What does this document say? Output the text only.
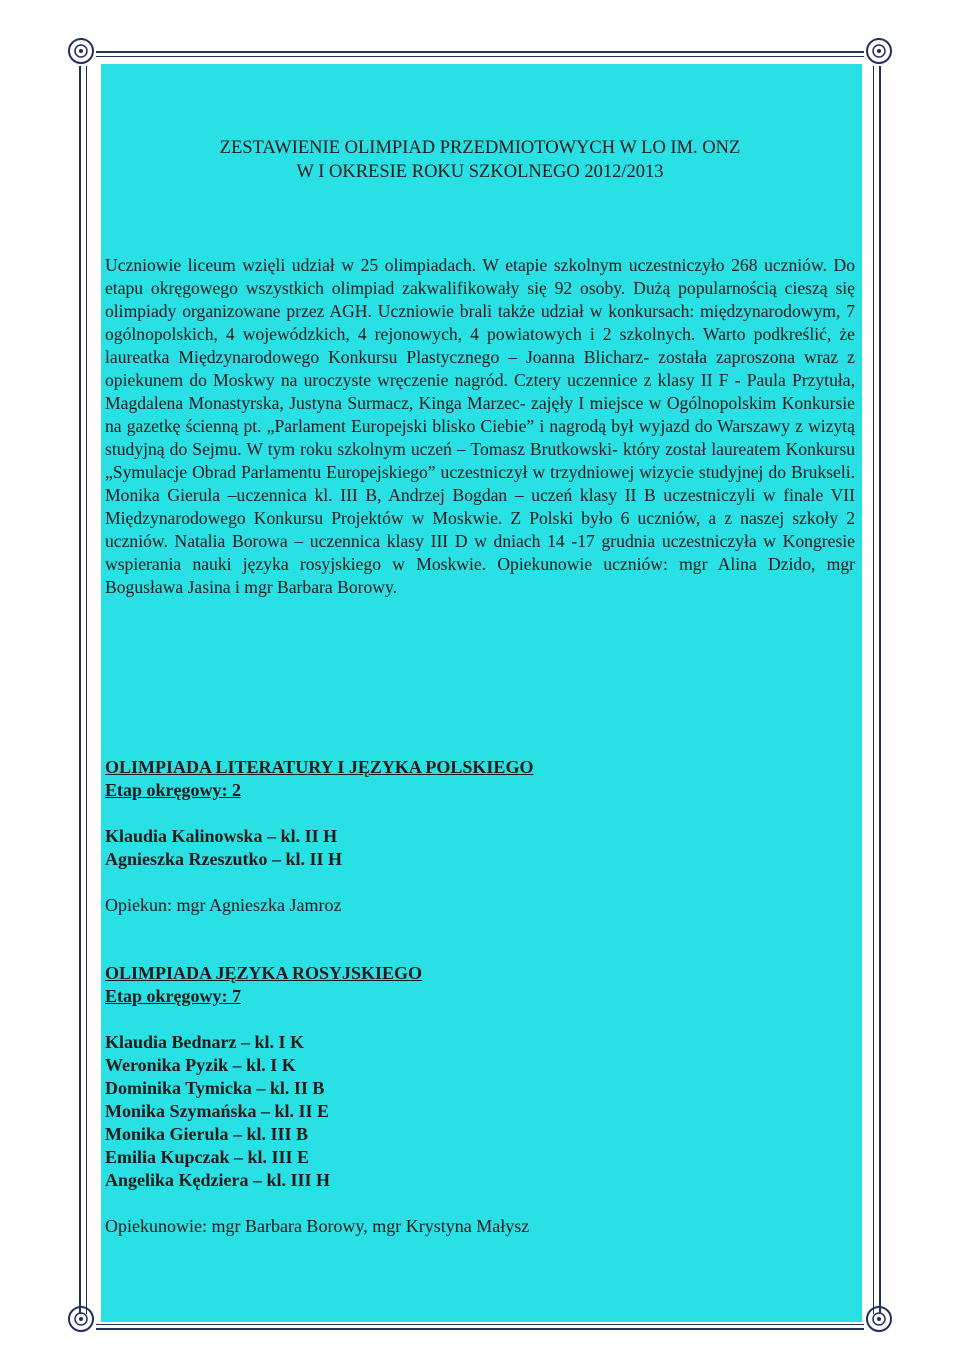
ZESTAWIENIE OLIMPIAD PRZEDMIOTOWYCH W LO IM. ONZ
W I OKRESIE ROKU SZKOLNEGO 2012/2013
Uczniowie liceum wzięli udział w 25 olimpiadach. W etapie szkolnym uczestniczyło 268 uczniów. Do etapu okręgowego wszystkich olimpiad zakwalifikowały się 92 osoby. Dużą popularnością cieszą się olimpiady organizowane przez AGH. Uczniowie brali także udział w konkursach: międzynarodowym, 7 ogólnopolskich, 4 wojewódzkich, 4 rejonowych, 4 powiatowych i 2 szkolnych. Warto podkreślić, że laureatka Międzynarodowego Konkursu Plastycznego – Joanna Blicharz- została zaproszona wraz z opiekunem do Moskwy na uroczyste wręczenie nagród. Cztery uczennice z klasy II F - Paula Przytuła, Magdalena Monastyrska, Justyna Surmacz, Kinga Marzec- zajęły I miejsce w Ogólnopolskim Konkursie na gazetkę ścienną pt. „Parlament Europejski blisko Ciebie” i nagrodą był wyjazd do Warszawy z wizytą studyjną do Sejmu. W tym roku szkolnym uczeń – Tomasz Brutkowski- który został laureatem Konkursu „Symulacje Obrad Parlamentu Europejskiego” uczestniczył w trzydniowej wizycie studyjnej do Brukseli. Monika Gierula –uczennica kl. III B, Andrzej Bogdan – uczeń klasy II B uczestniczyli w finale VII Międzynarodowego Konkursu Projektów w Moskwie. Z Polski było 6 uczniów, a z naszej szkoły 2 uczniów. Natalia Borowa – uczennica klasy III D w dniach 14 -17 grudnia uczestniczyła w Kongresie wspierania nauki języka rosyjskiego w Moskwie. Opiekunowie uczniów: mgr Alina Dzido, mgr Bogusława Jasina i mgr Barbara Borowy.
OLIMPIADA LITERATURY I JĘZYKA POLSKIEGO
Etap okręgowy: 2
Klaudia Kalinowska – kl. II H
Agnieszka Rzeszutko – kl. II H
Opiekun: mgr Agnieszka Jamroz
OLIMPIADA JĘZYKA ROSYJSKIEGO
Etap okręgowy: 7
Klaudia Bednarz – kl. I K
Weronika Pyzik – kl. I K
Dominika Tymicka – kl. II B
Monika Szymańska – kl. II E
Monika Gierula – kl. III B
Emilia Kupczak – kl. III E
Angelika Kędziera – kl. III H
Opiekunowie: mgr Barbara Borowy, mgr Krystyna Małysz
